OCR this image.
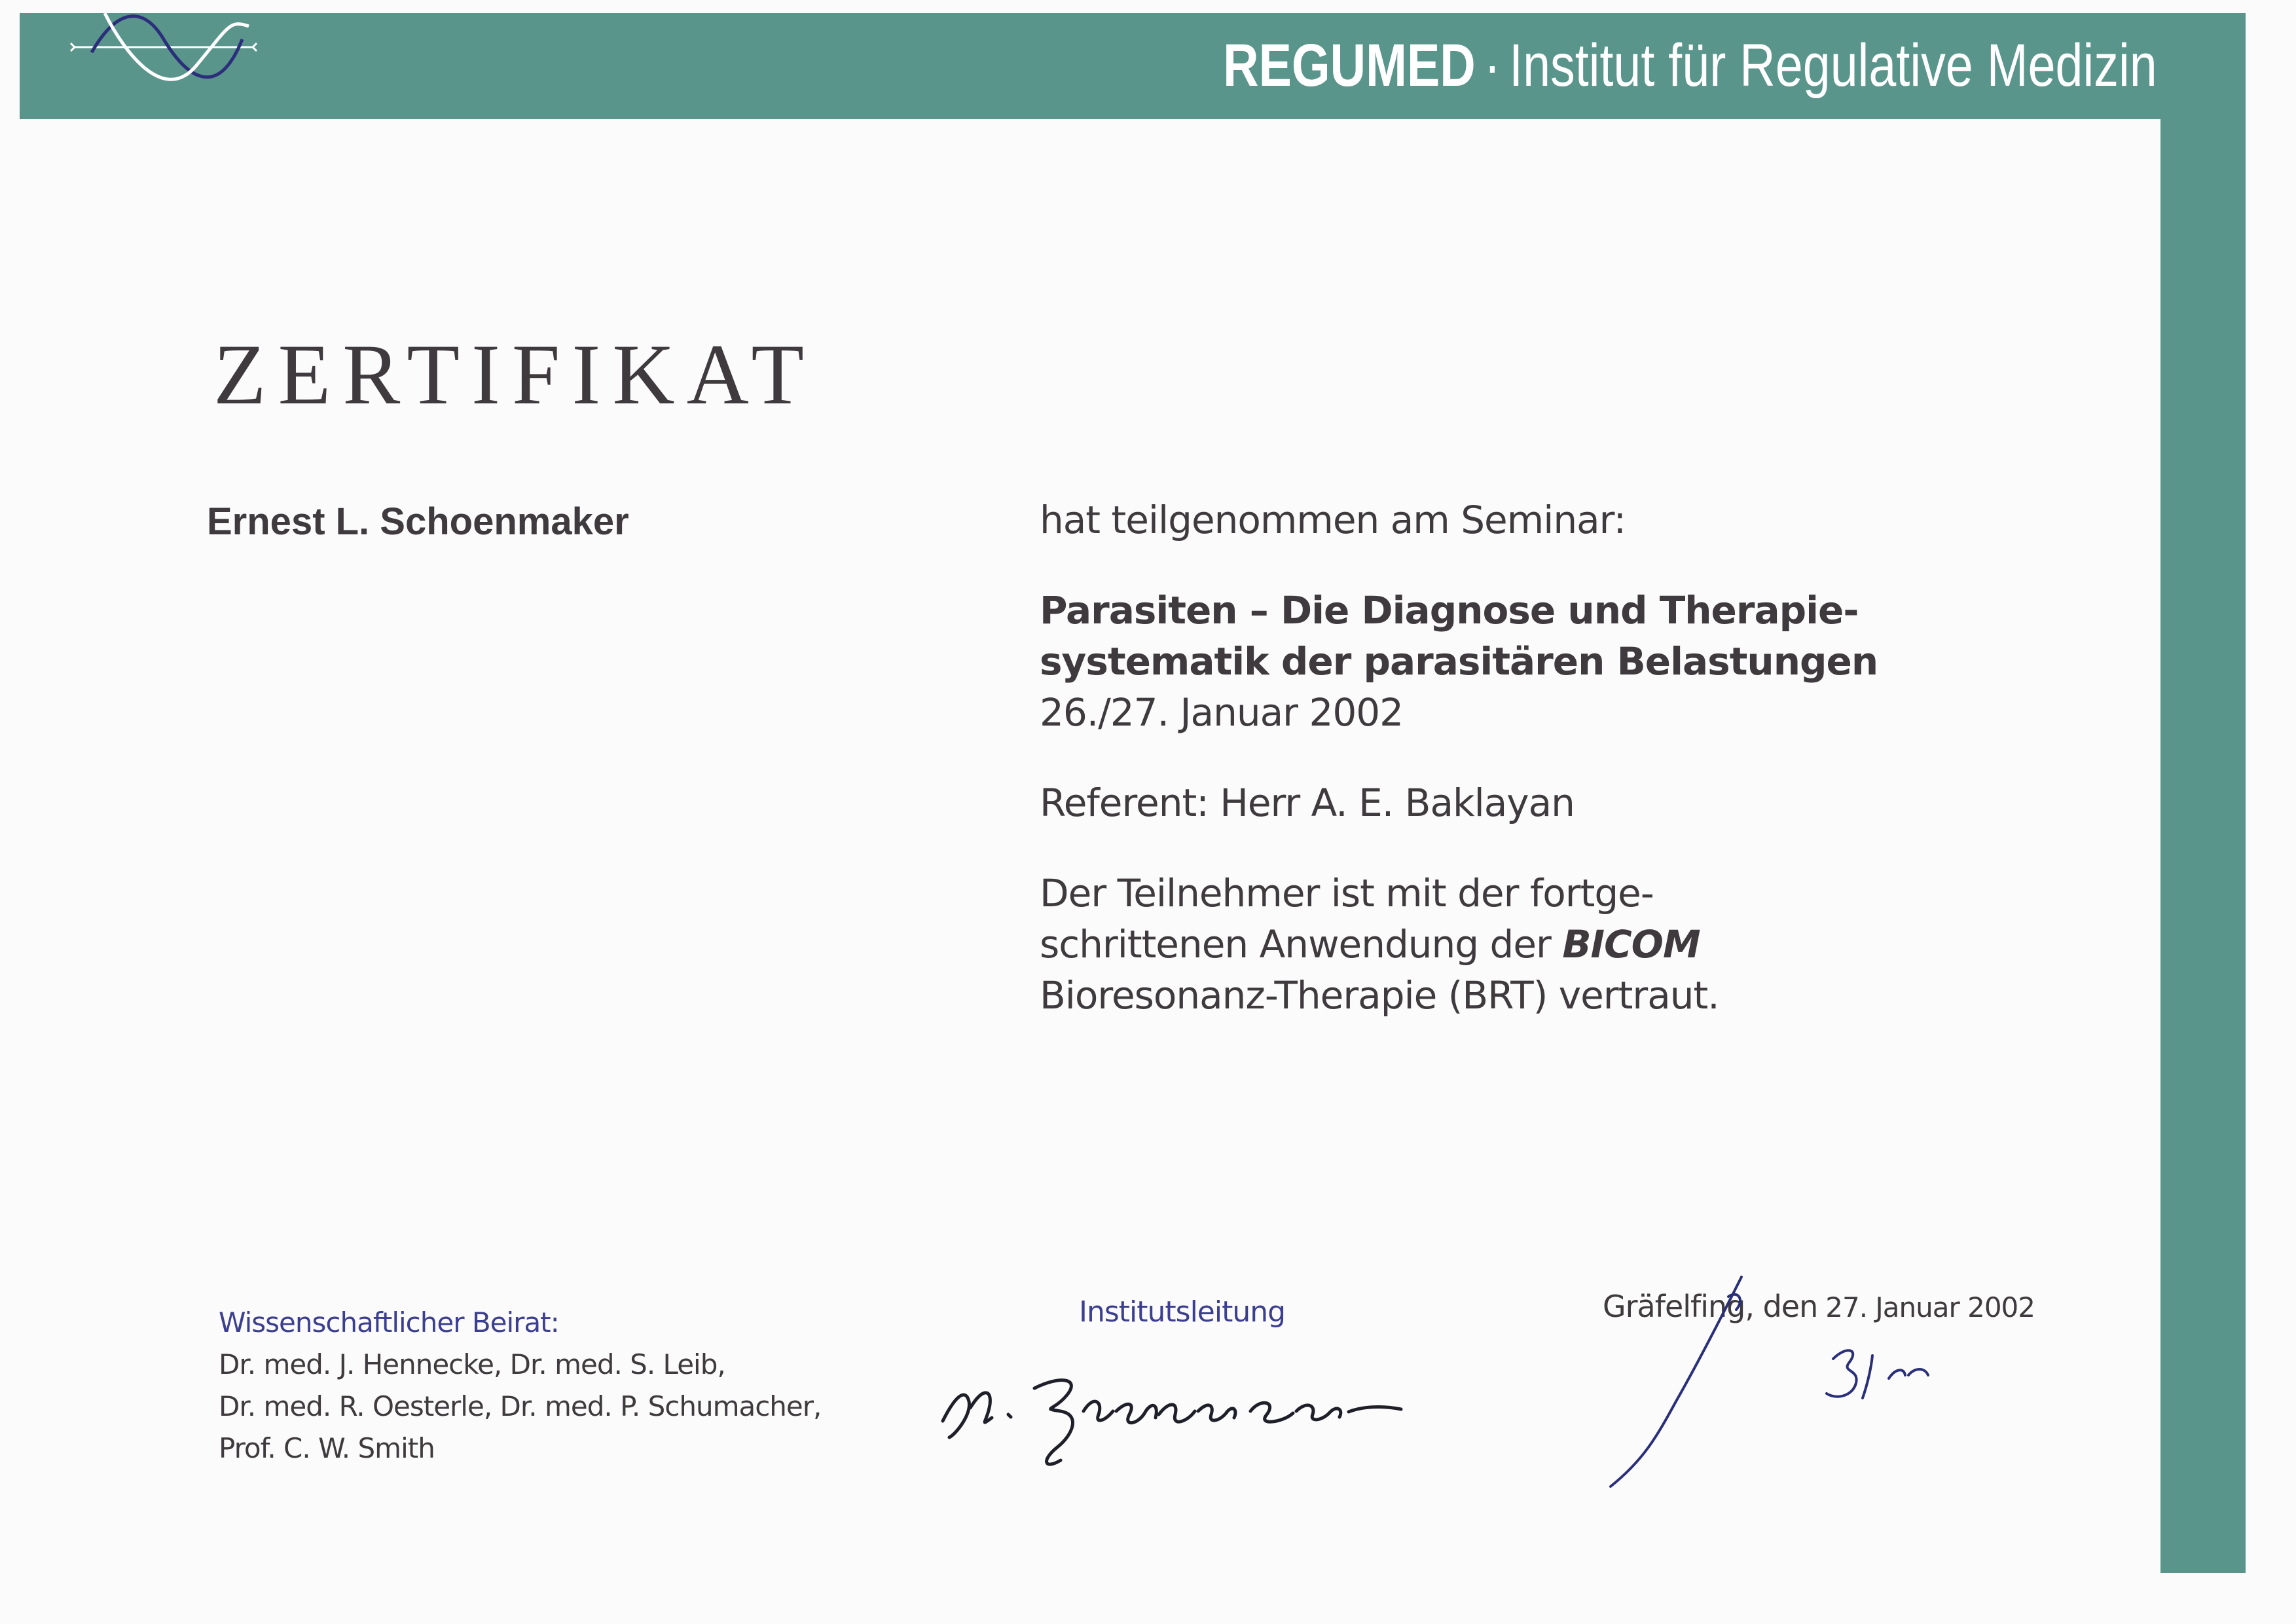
REGUMED · Institut für Regulative Medizin
ZERTIFIKAT
Ernest L. Schoenmaker	hat teilgenommen am Seminar:
Parasiten – Die Diagnose und Therapie-
systematik der parasitären Belastungen
26./27. Januar 2002
Referent: Herr A. E. Baklayan
Der Teilnehmer ist mit der fortge-
schrittenen Anwendung der BICOM
Bioresonanz-Therapie (BRT) vertraut.
Wissenschaftlicher Beirat:
Dr. med. J. Hennecke, Dr. med. S. Leib,
Dr. med. R. Oesterle, Dr. med. P. Schumacher,
Prof. C. W. Smith
Institutsleitung	Gräfelfing, den 27. Januar 2002
